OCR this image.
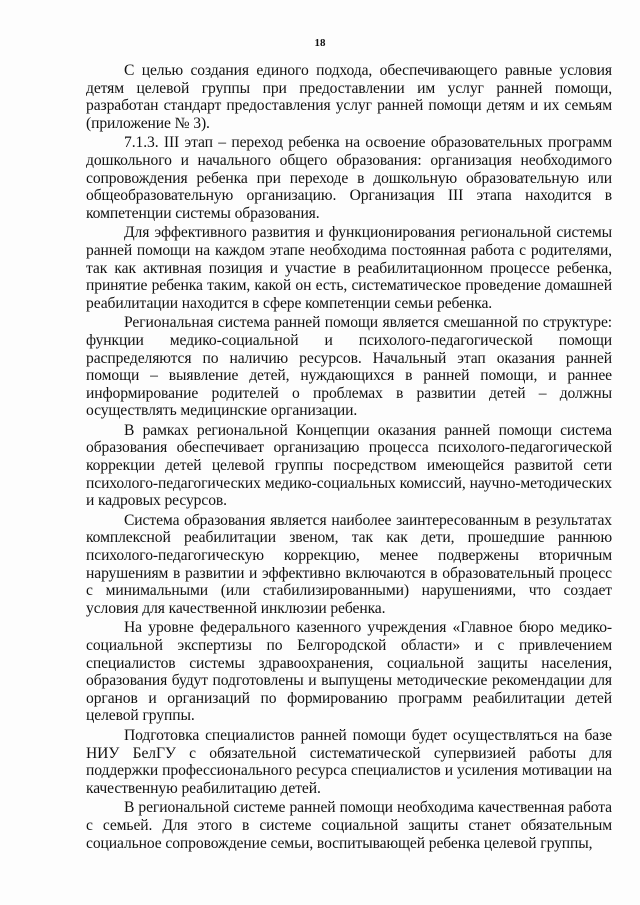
18

С целью создания единого подхода, обеспечивающего равные условия детям целевой группы при предоставлении им услуг ранней помощи, разработан стандарт предоставления услуг ранней помощи детям и их семьям (приложение № 3).

7.1.3. III этап – переход ребенка на освоение образовательных программ дошкольного и начального общего образования: организация необходимого сопровождения ребенка при переходе в дошкольную образовательную или общеобразовательную организацию. Организация III этапа находится в компетенции системы образования.

Для эффективного развития и функционирования региональной системы ранней помощи на каждом этапе необходима постоянная работа с родителями, так как активная позиция и участие в реабилитационном процессе ребенка, принятие ребенка таким, какой он есть, систематическое проведение домашней реабилитации находится в сфере компетенции семьи ребенка.

Региональная система ранней помощи является смешанной по структуре: функции медико-социальной и психолого-педагогической помощи распределяются по наличию ресурсов. Начальный этап оказания ранней помощи – выявление детей, нуждающихся в ранней помощи, и раннее информирование родителей о проблемах в развитии детей – должны осуществлять медицинские организации.

В рамках региональной Концепции оказания ранней помощи система образования обеспечивает организацию процесса психолого-педагогической коррекции детей целевой группы посредством имеющейся развитой сети психолого-педагогических медико-социальных комиссий, научно-методических и кадровых ресурсов.

Система образования является наиболее заинтересованным в результатах комплексной реабилитации звеном, так как дети, прошедшие раннюю психолого-педагогическую коррекцию, менее подвержены вторичным нарушениям в развитии и эффективно включаются в образовательный процесс с минимальными (или стабилизированными) нарушениями, что создает условия для качественной инклюзии ребенка.

На уровне федерального казенного учреждения «Главное бюро медико-социальной экспертизы по Белгородской области» и с привлечением специалистов системы здравоохранения, социальной защиты населения, образования будут подготовлены и выпущены методические рекомендации для органов и организаций по формированию программ реабилитации детей целевой группы.

Подготовка специалистов ранней помощи будет осуществляться на базе НИУ БелГУ с обязательной систематической супервизией работы для поддержки профессионального ресурса специалистов и усиления мотивации на качественную реабилитацию детей.

В региональной системе ранней помощи необходима качественная работа с семьей. Для этого в системе социальной защиты станет обязательным социальное сопровождение семьи, воспитывающей ребенка целевой группы,
